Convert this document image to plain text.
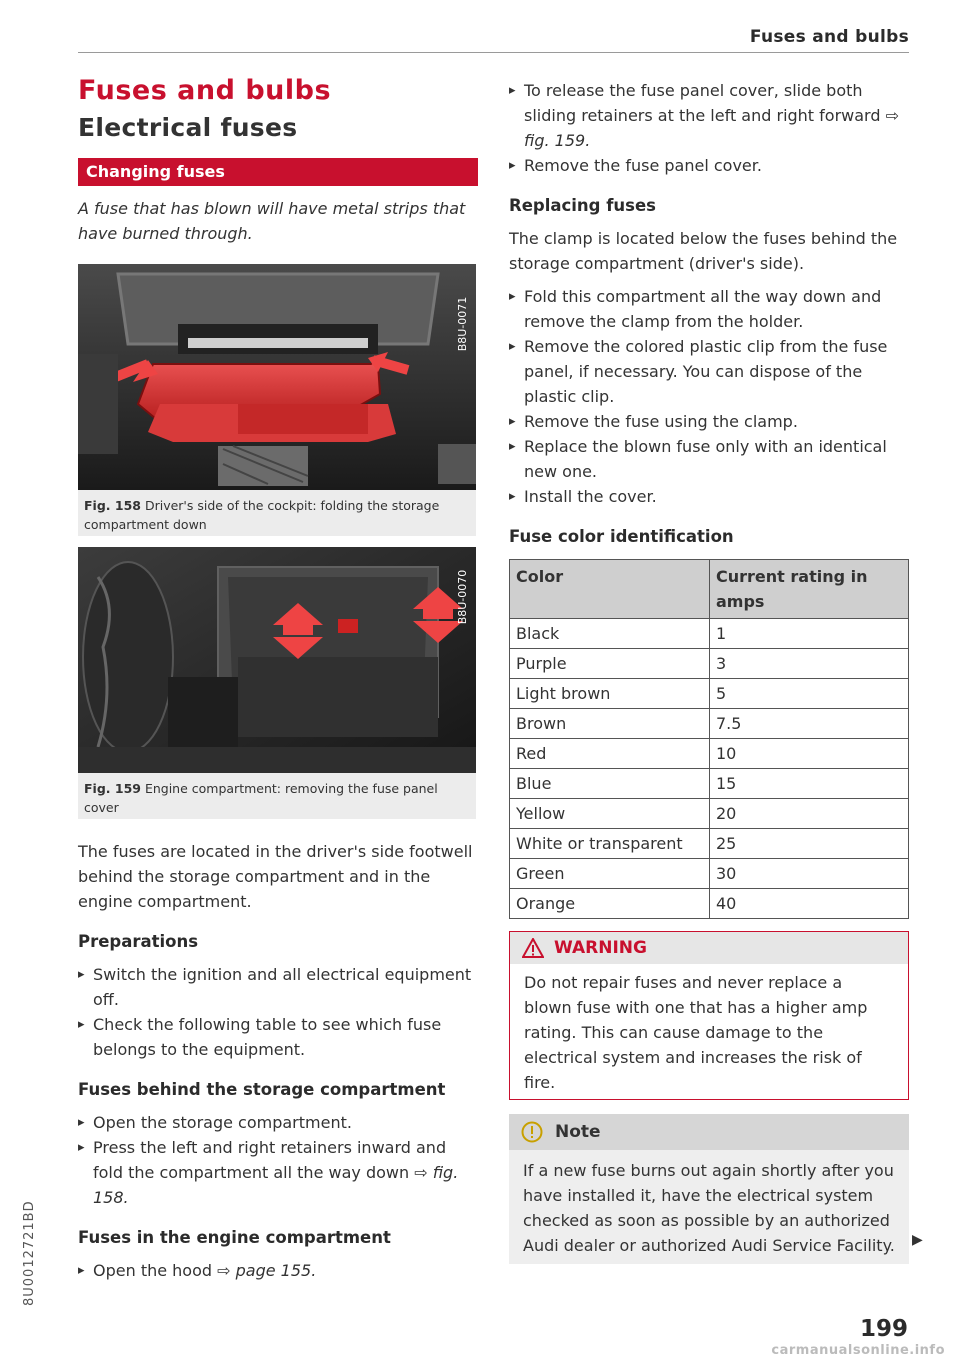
Fuses and bulbs
Fuses and bulbs
Electrical fuses
Changing fuses

A fuse that has blown will have metal strips that have burned through.

B8U-0071
Fig. 158 Driver's side of the cockpit: folding the storage compartment down
B8U-0070
Fig. 159 Engine compartment: removing the fuse panel cover

The fuses are located in the driver's side footwell behind the storage compartment and in the engine compartment.

Preparations
▸ Switch the ignition and all electrical equipment off.
▸ Check the following table to see which fuse belongs to the equipment.
Fuses behind the storage compartment
▸ Open the storage compartment.
▸ Press the left and right retainers inward and fold the compartment all the way down ⇨ fig. 158.
Fuses in the engine compartment
▸ Open the hood ⇨ page 155.
▸ To release the fuse panel cover, slide both sliding retainers at the left and right forward ⇨ fig. 159.
▸ Remove the fuse panel cover.
Replacing fuses

The clamp is located below the fuses behind the storage compartment (driver's side).

▸ Fold this compartment all the way down and remove the clamp from the holder.
▸ Remove the colored plastic clip from the fuse panel, if necessary. You can dispose of the plastic clip.
▸ Remove the fuse using the clamp.
▸ Replace the blown fuse only with an identical new one.
▸ Install the cover.
Fuse color identification
Color	Current rating in amps
Black	1
Purple	3
Light brown	5
Brown	7.5
Red	10
Blue	15
Yellow	20
White or transparent	25
Green	30
Orange	40
WARNING
Do not repair fuses and never replace a blown fuse with one that has a higher amp rating. This can cause damage to the electrical system and increases the risk of fire.
Note
If a new fuse burns out again shortly after you have installed it, have the electrical system checked as soon as possible by an authorized Audi dealer or authorized Audi Service Facility.	▶
199
8U0012721BD
carmanualsonline.info
